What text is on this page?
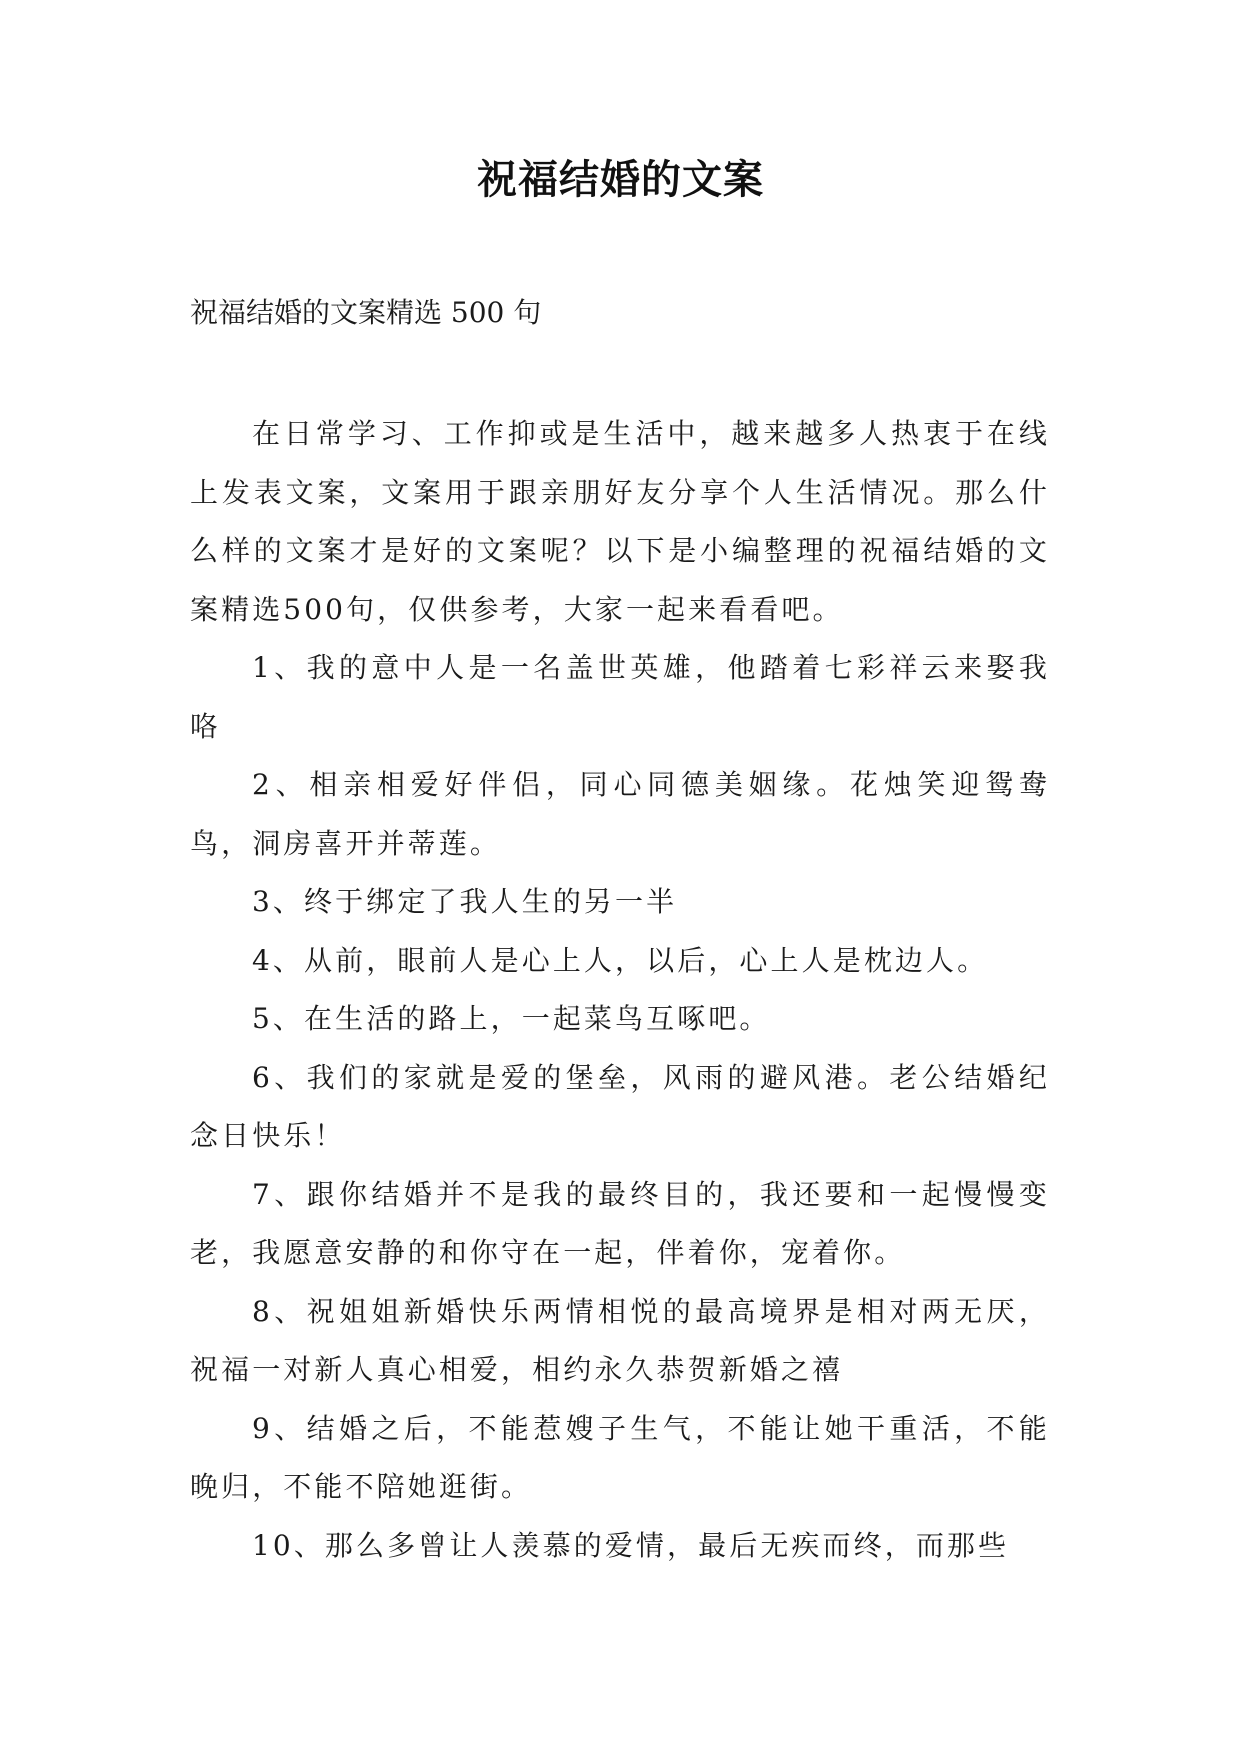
祝福结婚的文案

祝福结婚的文案精选 500 句

在日常学习、工作抑或是生活中，越来越多人热衷于在线上发表文案，文案用于跟亲朋好友分享个人生活情况。那么什么样的文案才是好的文案呢？以下是小编整理的祝福结婚的文案精选500句，仅供参考，大家一起来看看吧。

1、我的意中人是一名盖世英雄，他踏着七彩祥云来娶我咯

2、相亲相爱好伴侣，同心同德美姻缘。花烛笑迎鸳鸯鸟，洞房喜开并蒂莲。

3、终于绑定了我人生的另一半

4、从前，眼前人是心上人，以后，心上人是枕边人。

5、在生活的路上，一起菜鸟互啄吧。

6、我们的家就是爱的堡垒，风雨的避风港。老公结婚纪念日快乐！

7、跟你结婚并不是我的最终目的，我还要和一起慢慢变老，我愿意安静的和你守在一起，伴着你，宠着你。

8、祝姐姐新婚快乐两情相悦的最高境界是相对两无厌，祝福一对新人真心相爱，相约永久恭贺新婚之禧

9、结婚之后，不能惹嫂子生气，不能让她干重活，不能晚归，不能不陪她逛街。

10、那么多曾让人羡慕的爱情，最后无疾而终，而那些
